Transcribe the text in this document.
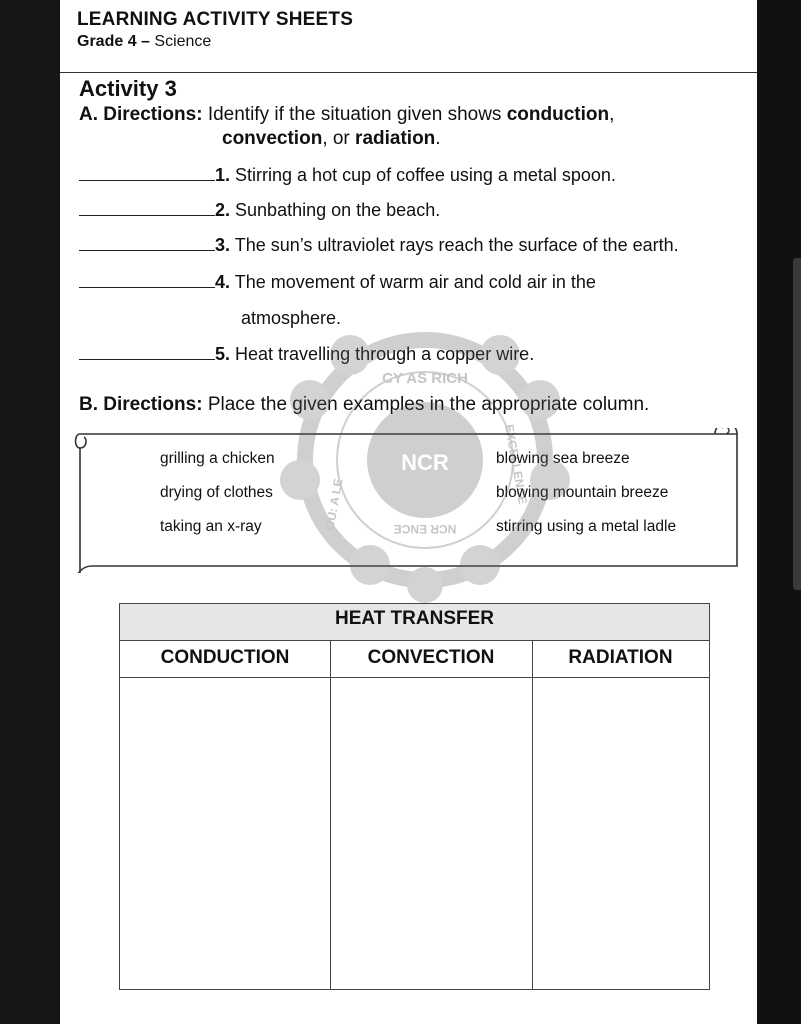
LEARNING ACTIVITY SHEETS
Grade 4 – Science
Activity 3
A. Directions: Identify if the situation given shows conduction,
convection, or radiation.
1. Stirring a hot cup of coffee using a metal spoon.
2. Sunbathing on the beach.
3. The sun’s ultraviolet rays reach the surface of the earth.
4. The movement of warm air and cold air in the
atmosphere.
5. Heat travelling through a copper wire.
B. Directions: Place the given examples in the appropriate column.
grilling a chicken
drying of clothes
taking an x-ray
blowing sea breeze
blowing mountain breeze
stirring using a metal ladle
HEAT TRANSFER
CONDUCTION	CONVECTION	RADIATION
NCR
CY AS RICH
OU: A LE	EXCELLENCE
NCR ENCE
